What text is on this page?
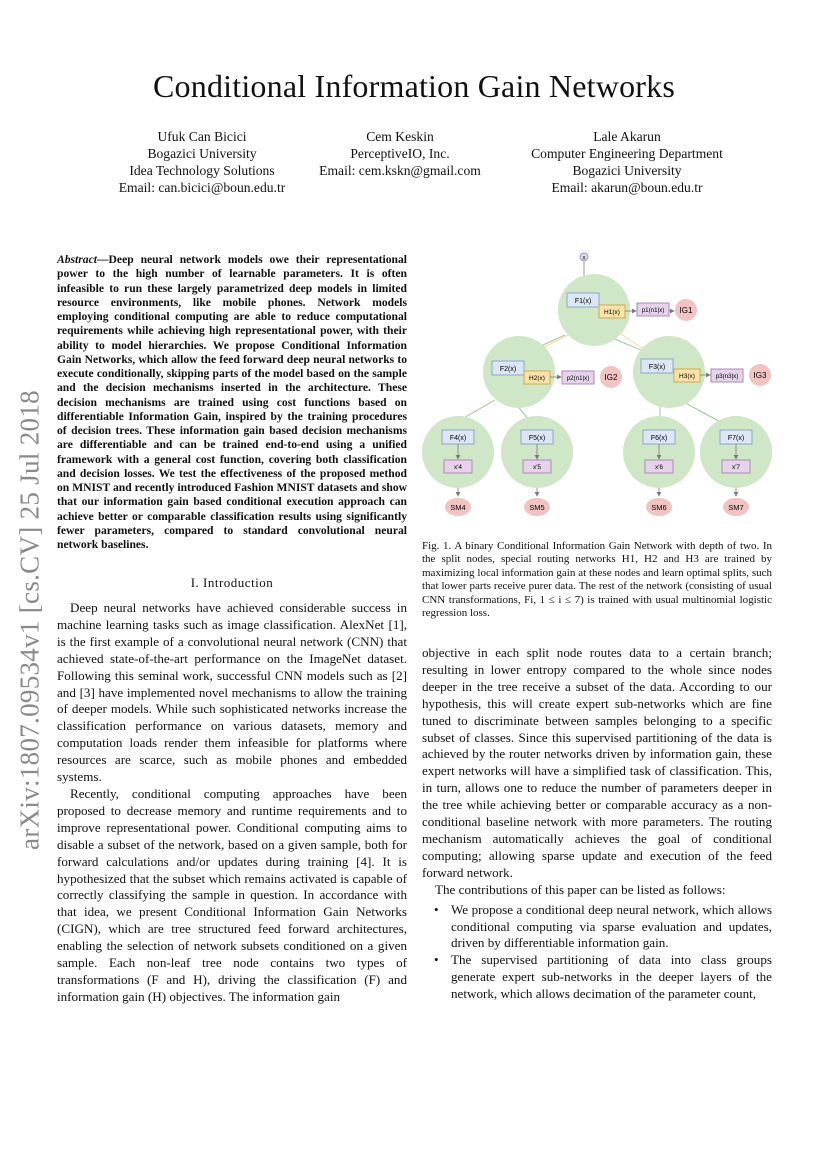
Conditional Information Gain Networks
Ufuk Can Bicici
Bogazici University
Idea Technology Solutions
Email: can.bicici@boun.edu.tr
Cem Keskin
PerceptiveIO, Inc.
Email: cem.kskn@gmail.com
Lale Akarun
Computer Engineering Department
Bogazici University
Email: akarun@boun.edu.tr
arXiv:1807.09534v1 [cs.CV] 25 Jul 2018
Abstract—Deep neural network models owe their representational power to the high number of learnable parameters. It is often infeasible to run these largely parametrized deep models in limited resource environments, like mobile phones. Network models employing conditional computing are able to reduce computational requirements while achieving high representational power, with their ability to model hierarchies. We propose Conditional Information Gain Networks, which allow the feed forward deep neural networks to execute conditionally, skipping parts of the model based on the sample and the decision mechanisms inserted in the architecture. These decision mechanisms are trained using cost functions based on differentiable Information Gain, inspired by the training procedures of decision trees. These information gain based decision mechanisms are differentiable and can be trained end-to-end using a unified framework with a general cost function, covering both classification and decision losses. We test the effectiveness of the proposed method on MNIST and recently introduced Fashion MNIST datasets and show that our information gain based conditional execution approach can achieve better or comparable classification results using significantly fewer parameters, compared to standard convolutional neural network baselines.
I. Introduction

Deep neural networks have achieved considerable success in machine learning tasks such as image classification. AlexNet [1], is the first example of a convolutional neural network (CNN) that achieved state-of-the-art performance on the ImageNet dataset. Following this seminal work, successful CNN models such as [2] and [3] have implemented novel mechanisms to allow the training of deeper models. While such sophisticated networks increase the classification performance on various datasets, memory and computation loads render them infeasible for platforms where resources are scarce, such as mobile phones and embedded systems.

Recently, conditional computing approaches have been proposed to decrease memory and runtime requirements and to improve representational power. Conditional computing aims to disable a subset of the network, based on a given sample, both for forward calculations and/or updates during training [4]. It is hypothesized that the subset which remains activated is capable of correctly classifying the sample in question. In accordance with that idea, we present Conditional Information Gain Networks (CIGN), which are tree structured feed forward architectures, enabling the selection of network subsets conditioned on a given sample. Each non-leaf tree node contains two types of transformations (F and H), driving the classification (F) and information gain (H) objectives. The information gain

x
F1(x)
H1(x)	p1(n1|x) IG1
F2(x)
H2(x)	p2(n1|x) IG2
F3(x)
H3(x)	p3(n3|x) IG3
F4(x)
x'4
SM4
F5(x)
x'5
SM5
F6(x)
x'6
SM6
F7(x)
x'7
SM7
Fig. 1. A binary Conditional Information Gain Network with depth of two. In the split nodes, special routing networks H1, H2 and H3 are trained by maximizing local information gain at these nodes and learn optimal splits, such that lower parts receive purer data. The rest of the network (consisting of usual CNN transformations, Fi, 1 ≤ i ≤ 7) is trained with usual multinomial logistic regression loss.

objective in each split node routes data to a certain branch; resulting in lower entropy compared to the whole since nodes deeper in the tree receive a subset of the data. According to our hypothesis, this will create expert sub-networks which are fine tuned to discriminate between samples belonging to a specific subset of classes. Since this supervised partitioning of the data is achieved by the router networks driven by information gain, these expert networks will have a simplified task of classification. This, in turn, allows one to reduce the number of parameters deeper in the tree while achieving better or comparable accuracy as a non-conditional baseline network with more parameters. The routing mechanism automatically achieves the goal of conditional computing; allowing sparse update and execution of the feed forward network.

The contributions of this paper can be listed as follows:

• We propose a conditional deep neural network, which allows conditional computing via sparse evaluation and updates, driven by differentiable information gain.
• The supervised partitioning of data into class groups generate expert sub-networks in the deeper layers of the network, which allows decimation of the parameter count,
